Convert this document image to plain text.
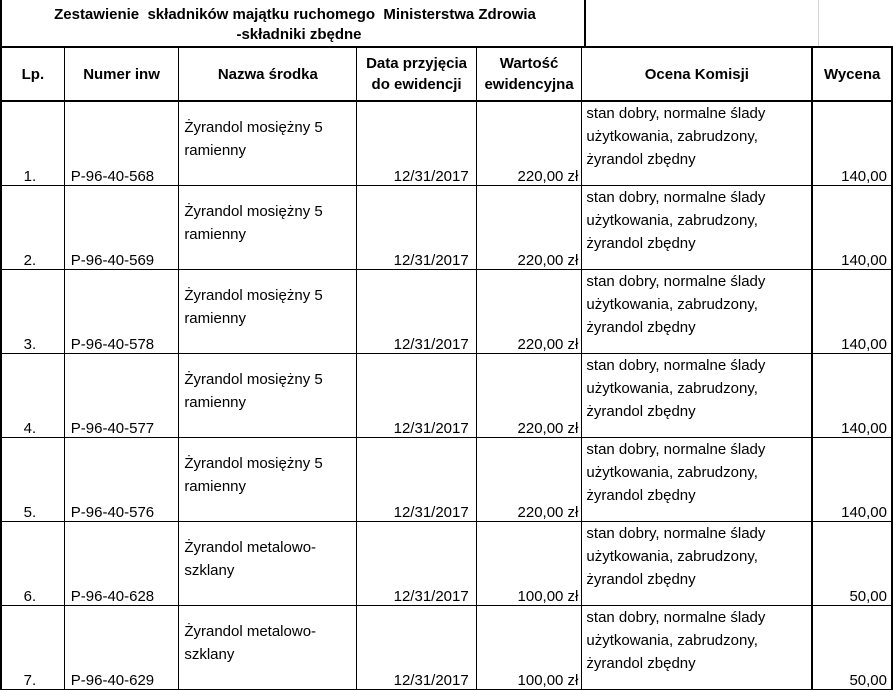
Zestawienie  składników majątku ruchomego  Ministerstwa Zdrowia
-składniki zbędne
Lp.	Numer inw	Nazwa środka	Data przyjęcia do ewidencji	Wartość ewidencyjna	Ocena Komisji	Wycena
1.	P-96-40-568	Żyrandol mosiężny 5 ramienny	12/31/2017	220,00 zł	stan dobry, normalne ślady użytkowania, zabrudzony, żyrandol zbędny	140,00
2.	P-96-40-569	Żyrandol mosiężny 5 ramienny	12/31/2017	220,00 zł	stan dobry, normalne ślady użytkowania, zabrudzony, żyrandol zbędny	140,00
3.	P-96-40-578	Żyrandol mosiężny 5 ramienny	12/31/2017	220,00 zł	stan dobry, normalne ślady użytkowania, zabrudzony, żyrandol zbędny	140,00
4.	P-96-40-577	Żyrandol mosiężny 5 ramienny	12/31/2017	220,00 zł	stan dobry, normalne ślady użytkowania, zabrudzony, żyrandol zbędny	140,00
5.	P-96-40-576	Żyrandol mosiężny 5 ramienny	12/31/2017	220,00 zł	stan dobry, normalne ślady użytkowania, zabrudzony, żyrandol zbędny	140,00
6.	P-96-40-628	Żyrandol metalowo-szklany	12/31/2017	100,00 zł	stan dobry, normalne ślady użytkowania, zabrudzony, żyrandol zbędny	50,00
7.	P-96-40-629	Żyrandol metalowo-szklany	12/31/2017	100,00 zł	stan dobry, normalne ślady użytkowania, zabrudzony, żyrandol zbędny	50,00
